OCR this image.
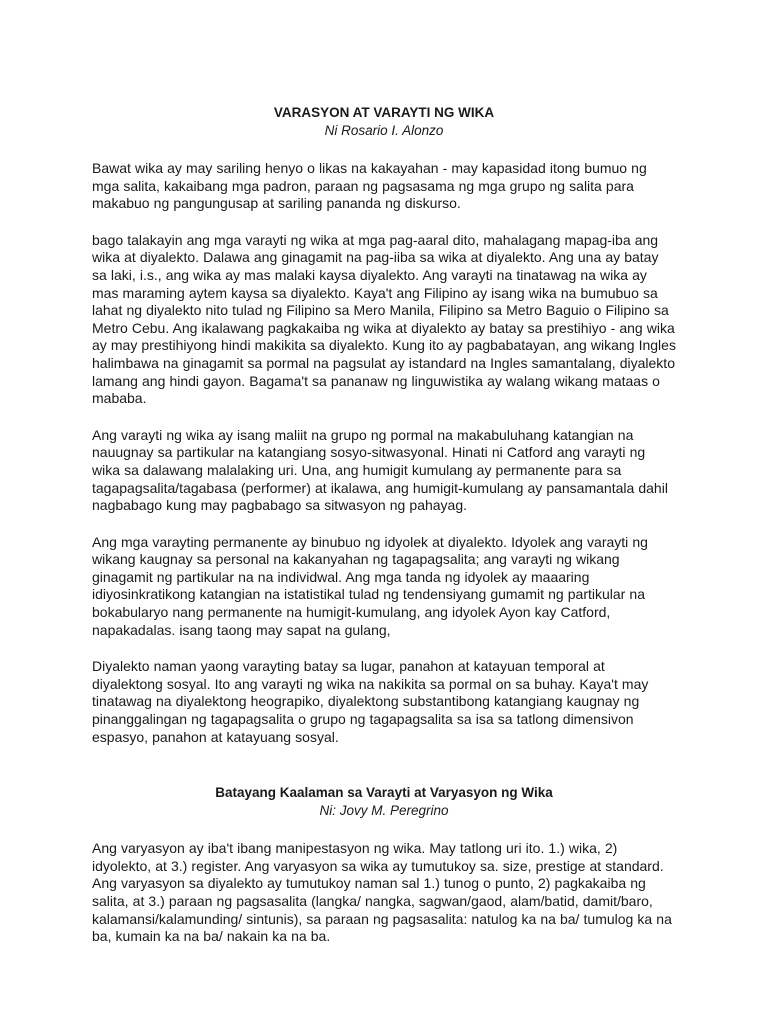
VARASYON AT VARAYTI NG WIKA

Ni Rosario I. Alonzo

Bawat wika ay may sariling henyo o likas na kakayahan - may kapasidad itong bumuo ng mga salita, kakaibang mga padron, paraan ng pagsasama ng mga grupo ng salita para makabuo ng pangungusap at sariling pananda ng diskurso.

bago talakayin ang mga varayti ng wika at mga pag-aaral dito, mahalagang mapag-iba ang wika at diyalekto. Dalawa ang ginagamit na pag-iiba sa wika at diyalekto. Ang una ay batay sa laki, i.s., ang wika ay mas malaki kaysa diyalekto. Ang varayti na tinatawag na wika ay mas maraming aytem kaysa sa diyalekto. Kaya't ang Filipino ay isang wika na bumubuo sa lahat ng diyalekto nito tulad ng Filipino sa Mero Manila, Filipino sa Metro Baguio o Filipino sa Metro Cebu. Ang ikalawang pagkakaiba ng wika at diyalekto ay batay sa prestihiyo - ang wika ay may prestihiyong hindi makikita sa diyalekto. Kung ito ay pagbabatayan, ang wikang Ingles halimbawa na ginagamit sa pormal na pagsulat ay istandard na Ingles samantalang, diyalekto lamang ang hindi gayon. Bagama't sa pananaw ng linguwistika ay walang wikang mataas o mababa.

Ang varayti ng wika ay isang maliit na grupo ng pormal na makabuluhang katangian na nauugnay sa partikular na katangiang sosyo-sitwasyonal. Hinati ni Catford ang varayti ng wika sa dalawang malalaking uri. Una, ang humigit kumulang ay permanente para sa tagapagsalita/tagabasa (performer) at ikalawa, ang humigit-kumulang ay pansamantala dahil nagbabago kung may pagbabago sa sitwasyon ng pahayag.

Ang mga varayting permanente ay binubuo ng idyolek at diyalekto. Idyolek ang varayti ng wikang kaugnay sa personal na kakanyahan ng tagapagsalita; ang varayti ng wikang ginagamit ng partikular na na individwal. Ang mga tanda ng idyolek ay maaaring idiyosinkratikong katangian na istatistikal tulad ng tendensiyang gumamit ng partikular na bokabularyo nang permanente na humigit-kumulang, ang idyolek Ayon kay Catford, napakadalas. isang taong may sapat na gulang,

Diyalekto naman yaong varayting batay sa lugar, panahon at katayuan temporal at diyalektong sosyal. Ito ang varayti ng wika na nakikita sa pormal on sa buhay. Kaya't may tinatawag na diyalektong heograpiko, diyalektong substantibong katangiang kaugnay ng pinanggalingan ng tagapagsalita o grupo ng tagapagsalita sa isa sa tatlong dimensivon espasyo, panahon at katayuang sosyal.

Batayang Kaalaman sa Varayti at Varyasyon ng Wika

Ni: Jovy M. Peregrino

Ang varyasyon ay iba't ibang manipestasyon ng wika. May tatlong uri ito. 1.) wika, 2) idyolekto, at 3.) register. Ang varyasyon sa wika ay tumutukoy sa. size, prestige at standard. Ang varyasyon sa diyalekto ay tumutukoy naman sal 1.) tunog o punto, 2) pagkakaiba ng salita, at 3.) paraan ng pagsasalita (langka/ nangka, sagwan/gaod, alam/batid, damit/baro, kalamansi/kalamunding/ sintunis), sa paraan ng pagsasalita: natulog ka na ba/ tumulog ka na ba, kumain ka na ba/ nakain ka na ba.
